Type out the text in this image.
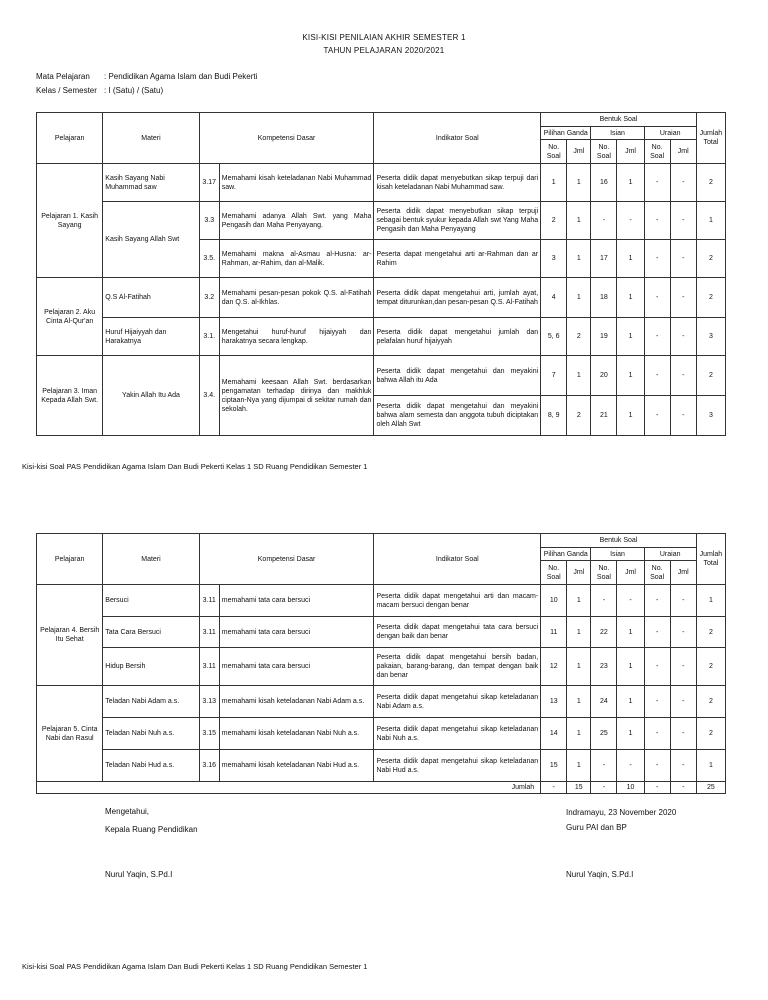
KISI-KISI PENILAIAN AKHIR SEMESTER 1
TAHUN PELAJARAN 2020/2021
Mata Pelajaran : Pendidikan Agama Islam dan Budi Pekerti
Kelas / Semester : I (Satu) / (Satu)
Pelajaran	Materi	Kompetensi Dasar		Indikator Soal	Bentuk Soal						Jumlah Total
					Pilihan Ganda		Isian		Uraian		
					No. Soal	Jml	No. Soal	Jml	No. Soal	Jml	
Pelajaran 1. Kasih Sayang	Kasih Sayang Nabi Muhammad saw	3.17	Memahami kisah keteladanan Nabi Muhammad saw.	Peserta didik dapat menyebutkan sikap terpuji dari kisah keteladanan Nabi Muhammad saw.	1	1	16	1	-	-	2
	Kasih Sayang Allah Swt	3.3	Memahami adanya Allah Swt. yang Maha Pengasih dan Maha Penyayang.	Peserta didik dapat menyebutkan sikap terpuji sebagai bentuk syukur kepada Allah swt Yang Maha Pengasih dan Maha Penyayang	2	1	-	-	-	-	1
		3.5.	Memahami makna al-Asmau al-Husna: ar-Rahman, ar-Rahim, dan al-Malik.	Peserta dapat mengetahui arti ar-Rahman dan ar Rahim	3	1	17	1	-	-	2
Pelajaran 2. Aku Cinta Al-Qur'an	Q.S Al-Fatihah	3.2	Memahami pesan-pesan pokok Q.S. al-Fatihah dan Q.S. al-Ikhlas.	Peserta didik dapat mengetahui arti, jumlah ayat, tempat diturunkan,dan pesan-pesan Q.S. Al-Fatihah	4	1	18	1	-	-	2
	Huruf Hijaiyyah dan Harakatnya	3.1.	Mengetahui huruf-huruf hijaiyyah dan harakatnya secara lengkap.	Peserta didik dapat mengetahui jumlah dan pelafalan huruf hijaiyyah	5, 6	2	19	1	-	-	3
Pelajaran 3. Iman Kepada Allah Swt.	Yakin Allah Itu Ada	3.4.	Memahami keesaan Allah Swt. berdasarkan pengamatan terhadap dirinya dan makhluk ciptaan-Nya yang dijumpai di sekitar rumah dan sekolah.	Peserta didik dapat mengetahui dan meyakini bahwa Allah itu Ada	7	1	20	1	-	-	2
				Peserta didik dapat mengetahui dan meyakini bahwa alam semesta dan anggota tubuh diciptakan oleh Allah Swt	8, 9	2	21	1	-	-	3
Kisi-kisi Soal PAS Pendidikan Agama Islam Dan Budi Pekerti Kelas 1 SD Ruang Pendidikan Semester 1
Pelajaran	Materi	Kompetensi Dasar		Indikator Soal	Bentuk Soal						Jumlah Total
					Pilihan Ganda		Isian		Uraian		
					No. Soal	Jml	No. Soal	Jml	No. Soal	Jml	
Pelajaran 4. Bersih Itu Sehat	Bersuci	3.11	memahami tata cara bersuci	Peserta didik dapat mengetahui arti dan macam-macam bersuci dengan benar	10	1	-	-	-	-	1
	Tata Cara Bersuci	3.11	memahami tata cara bersuci	Peserta didik dapat mengetahui tata cara bersuci dengan baik dan benar	11	1	22	1	-	-	2
	Hidup Bersih	3.11	memahami tata cara bersuci	Peserta didik dapat mengetahui bersih badan, pakaian, barang-barang, dan tempat dengan baik dan benar	12	1	23	1	-	-	2
Pelajaran 5. Cinta Nabi dan Rasul	Teladan Nabi Adam a.s.	3.13	memahami kisah keteladanan Nabi Adam a.s.	Peserta didik dapat mengetahui sikap keteladanan Nabi Adam a.s.	13	1	24	1	-	-	2
	Teladan Nabi Nuh a.s.	3.15	memahami kisah keteladanan Nabi Nuh a.s.	Peserta didik dapat mengetahui sikap keteladanan Nabi Nuh a.s.	14	1	25	1	-	-	2
	Teladan Nabi Hud a.s.	3.16	memahami kisah keteladanan Nabi Hud a.s.	Peserta didik dapat mengetahui sikap keteladanan Nabi Hud a.s.	15	1	-	-	-	-	1
Jumlah					-	15	-	10	-	-	25
Mengetahui,
Kepala Ruang Pendidikan
Nurul Yaqin, S.Pd.I
Indramayu, 23 November 2020
Guru PAI dan BP
Nurul Yaqin, S.Pd.I
Kisi-kisi Soal PAS Pendidikan Agama Islam Dan Budi Pekerti Kelas 1 SD Ruang Pendidikan Semester 1
